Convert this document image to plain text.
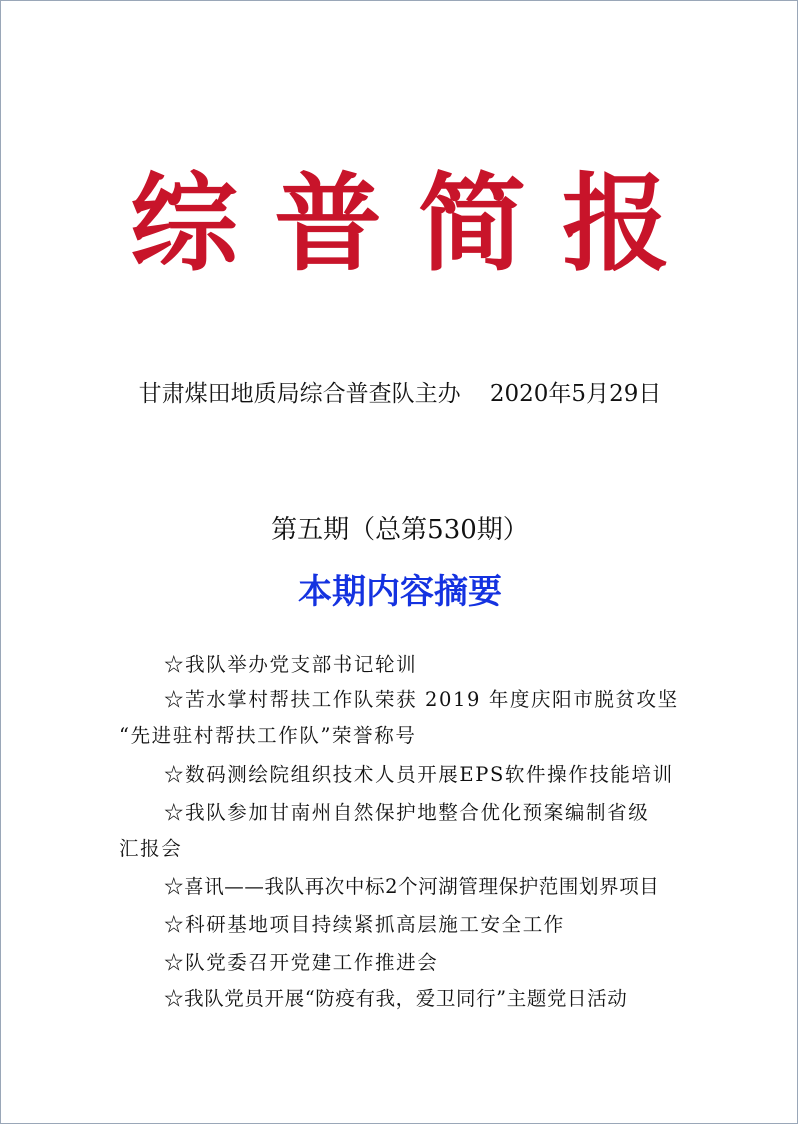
综普简报
甘肃煤田地质局综合普查队主办    2020年5月29日
第五期（总第530期）
本期内容摘要
☆我队举办党支部书记轮训
☆苦水掌村帮扶工作队荣获 2019 年度庆阳市脱贫攻坚
“先进驻村帮扶工作队”荣誉称号
☆数码测绘院组织技术人员开展EPS软件操作技能培训
☆我队参加甘南州自然保护地整合优化预案编制省级
汇报会
☆喜讯——我队再次中标2个河湖管理保护范围划界项目
☆科研基地项目持续紧抓高层施工安全工作
☆队党委召开党建工作推进会
☆我队党员开展“防疫有我，爱卫同行”主题党日活动
